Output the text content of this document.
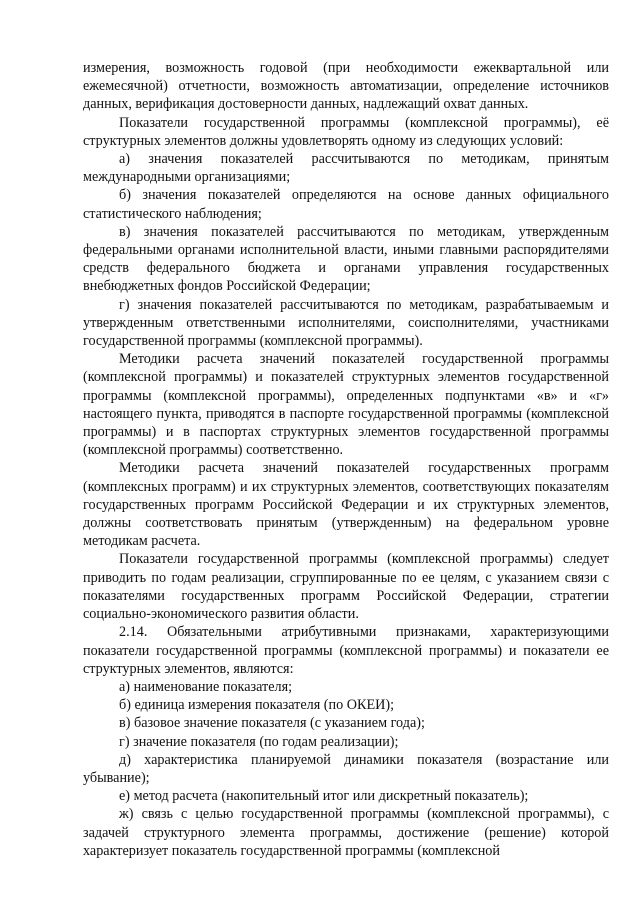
измерения, возможность годовой (при необходимости ежеквартальной или ежемесячной) отчетности, возможность автоматизации, определение источников данных, верификация достоверности данных, надлежащий охват данных.

Показатели государственной программы (комплексной программы), её структурных элементов должны удовлетворять одному из следующих условий:

а) значения показателей рассчитываются по методикам, принятым международными организациями;

б) значения показателей определяются на основе данных официального статистического наблюдения;

в) значения показателей рассчитываются по методикам, утвержденным федеральными органами исполнительной власти, иными главными распорядителями средств федерального бюджета и органами управления государственных внебюджетных фондов Российской Федерации;

г) значения показателей рассчитываются по методикам, разрабатываемым и утвержденным ответственными исполнителями, соисполнителями, участниками государственной программы (комплексной программы).

Методики расчета значений показателей государственной программы (комплексной программы) и показателей структурных элементов государственной программы (комплексной программы), определенных подпунктами «в» и «г» настоящего пункта, приводятся в паспорте государственной программы (комплексной программы) и в паспортах структурных элементов государственной программы (комплексной программы) соответственно.

Методики расчета значений показателей государственных программ (комплексных программ) и их структурных элементов, соответствующих показателям государственных программ Российской Федерации и их структурных элементов, должны соответствовать принятым (утвержденным) на федеральном уровне методикам расчета.

Показатели государственной программы (комплексной программы) следует приводить по годам реализации, сгруппированные по ее целям, с указанием связи с показателями государственных программ Российской Федерации, стратегии социально-экономического развития области.

2.14. Обязательными атрибутивными признаками, характеризующими показатели государственной программы (комплексной программы) и показатели ее структурных элементов, являются:

а) наименование показателя;

б) единица измерения показателя (по ОКЕИ);

в) базовое значение показателя (с указанием года);

г) значение показателя (по годам реализации);

д) характеристика планируемой динамики показателя (возрастание или убывание);

е) метод расчета (накопительный итог или дискретный показатель);

ж) связь с целью государственной программы (комплексной программы), с задачей структурного элемента программы, достижение (решение) которой характеризует показатель государственной программы (комплексной
